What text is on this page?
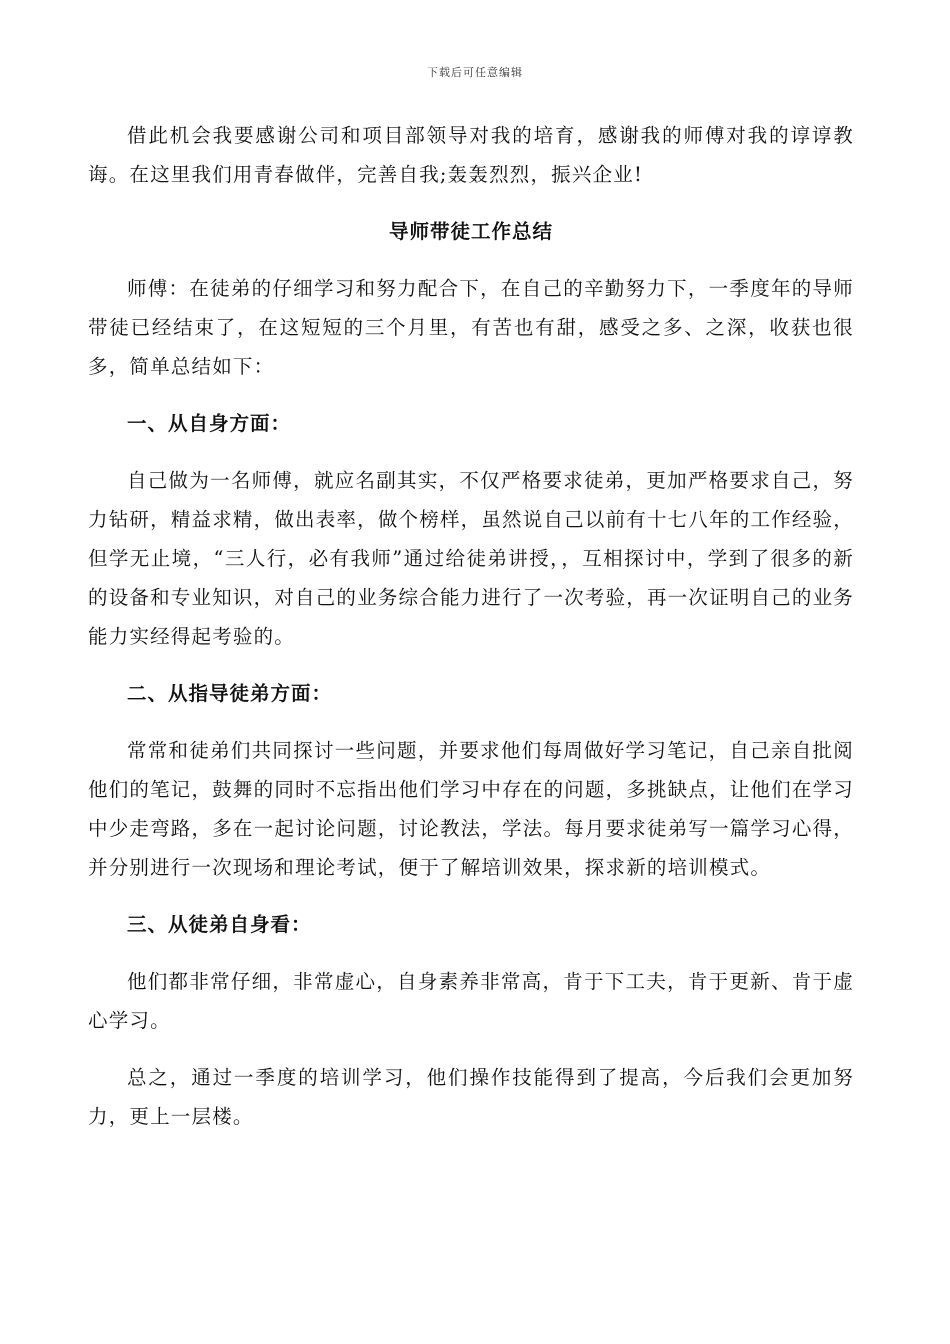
下载后可任意编辑

借此机会我要感谢公司和项目部领导对我的培育，感谢我的师傅对我的谆谆教诲。在这里我们用青春做伴，完善自我;轰轰烈烈，振兴企业!

导师带徒工作总结

师傅：在徒弟的仔细学习和努力配合下，在自己的辛勤努力下，一季度年的导师带徒已经结束了，在这短短的三个月里，有苦也有甜，感受之多、之深，收获也很多，简单总结如下：

一、从自身方面：

自己做为一名师傅，就应名副其实，不仅严格要求徒弟，更加严格要求自己，努力钻研，精益求精，做出表率，做个榜样，虽然说自己以前有十七八年的工作经验，但学无止境，“三人行，必有我师”通过给徒弟讲授，，互相探讨中，学到了很多的新的设备和专业知识，对自己的业务综合能力进行了一次考验，再一次证明自己的业务能力实经得起考验的。

二、从指导徒弟方面：

常常和徒弟们共同探讨一些问题，并要求他们每周做好学习笔记，自己亲自批阅他们的笔记，鼓舞的同时不忘指出他们学习中存在的问题，多挑缺点，让他们在学习中少走弯路，多在一起讨论问题，讨论教法，学法。每月要求徒弟写一篇学习心得，并分别进行一次现场和理论考试，便于了解培训效果，探求新的培训模式。

三、从徒弟自身看：

他们都非常仔细，非常虚心，自身素养非常高，肯于下工夫，肯于更新、肯于虚心学习。

总之，通过一季度的培训学习，他们操作技能得到了提高，今后我们会更加努力，更上一层楼。
